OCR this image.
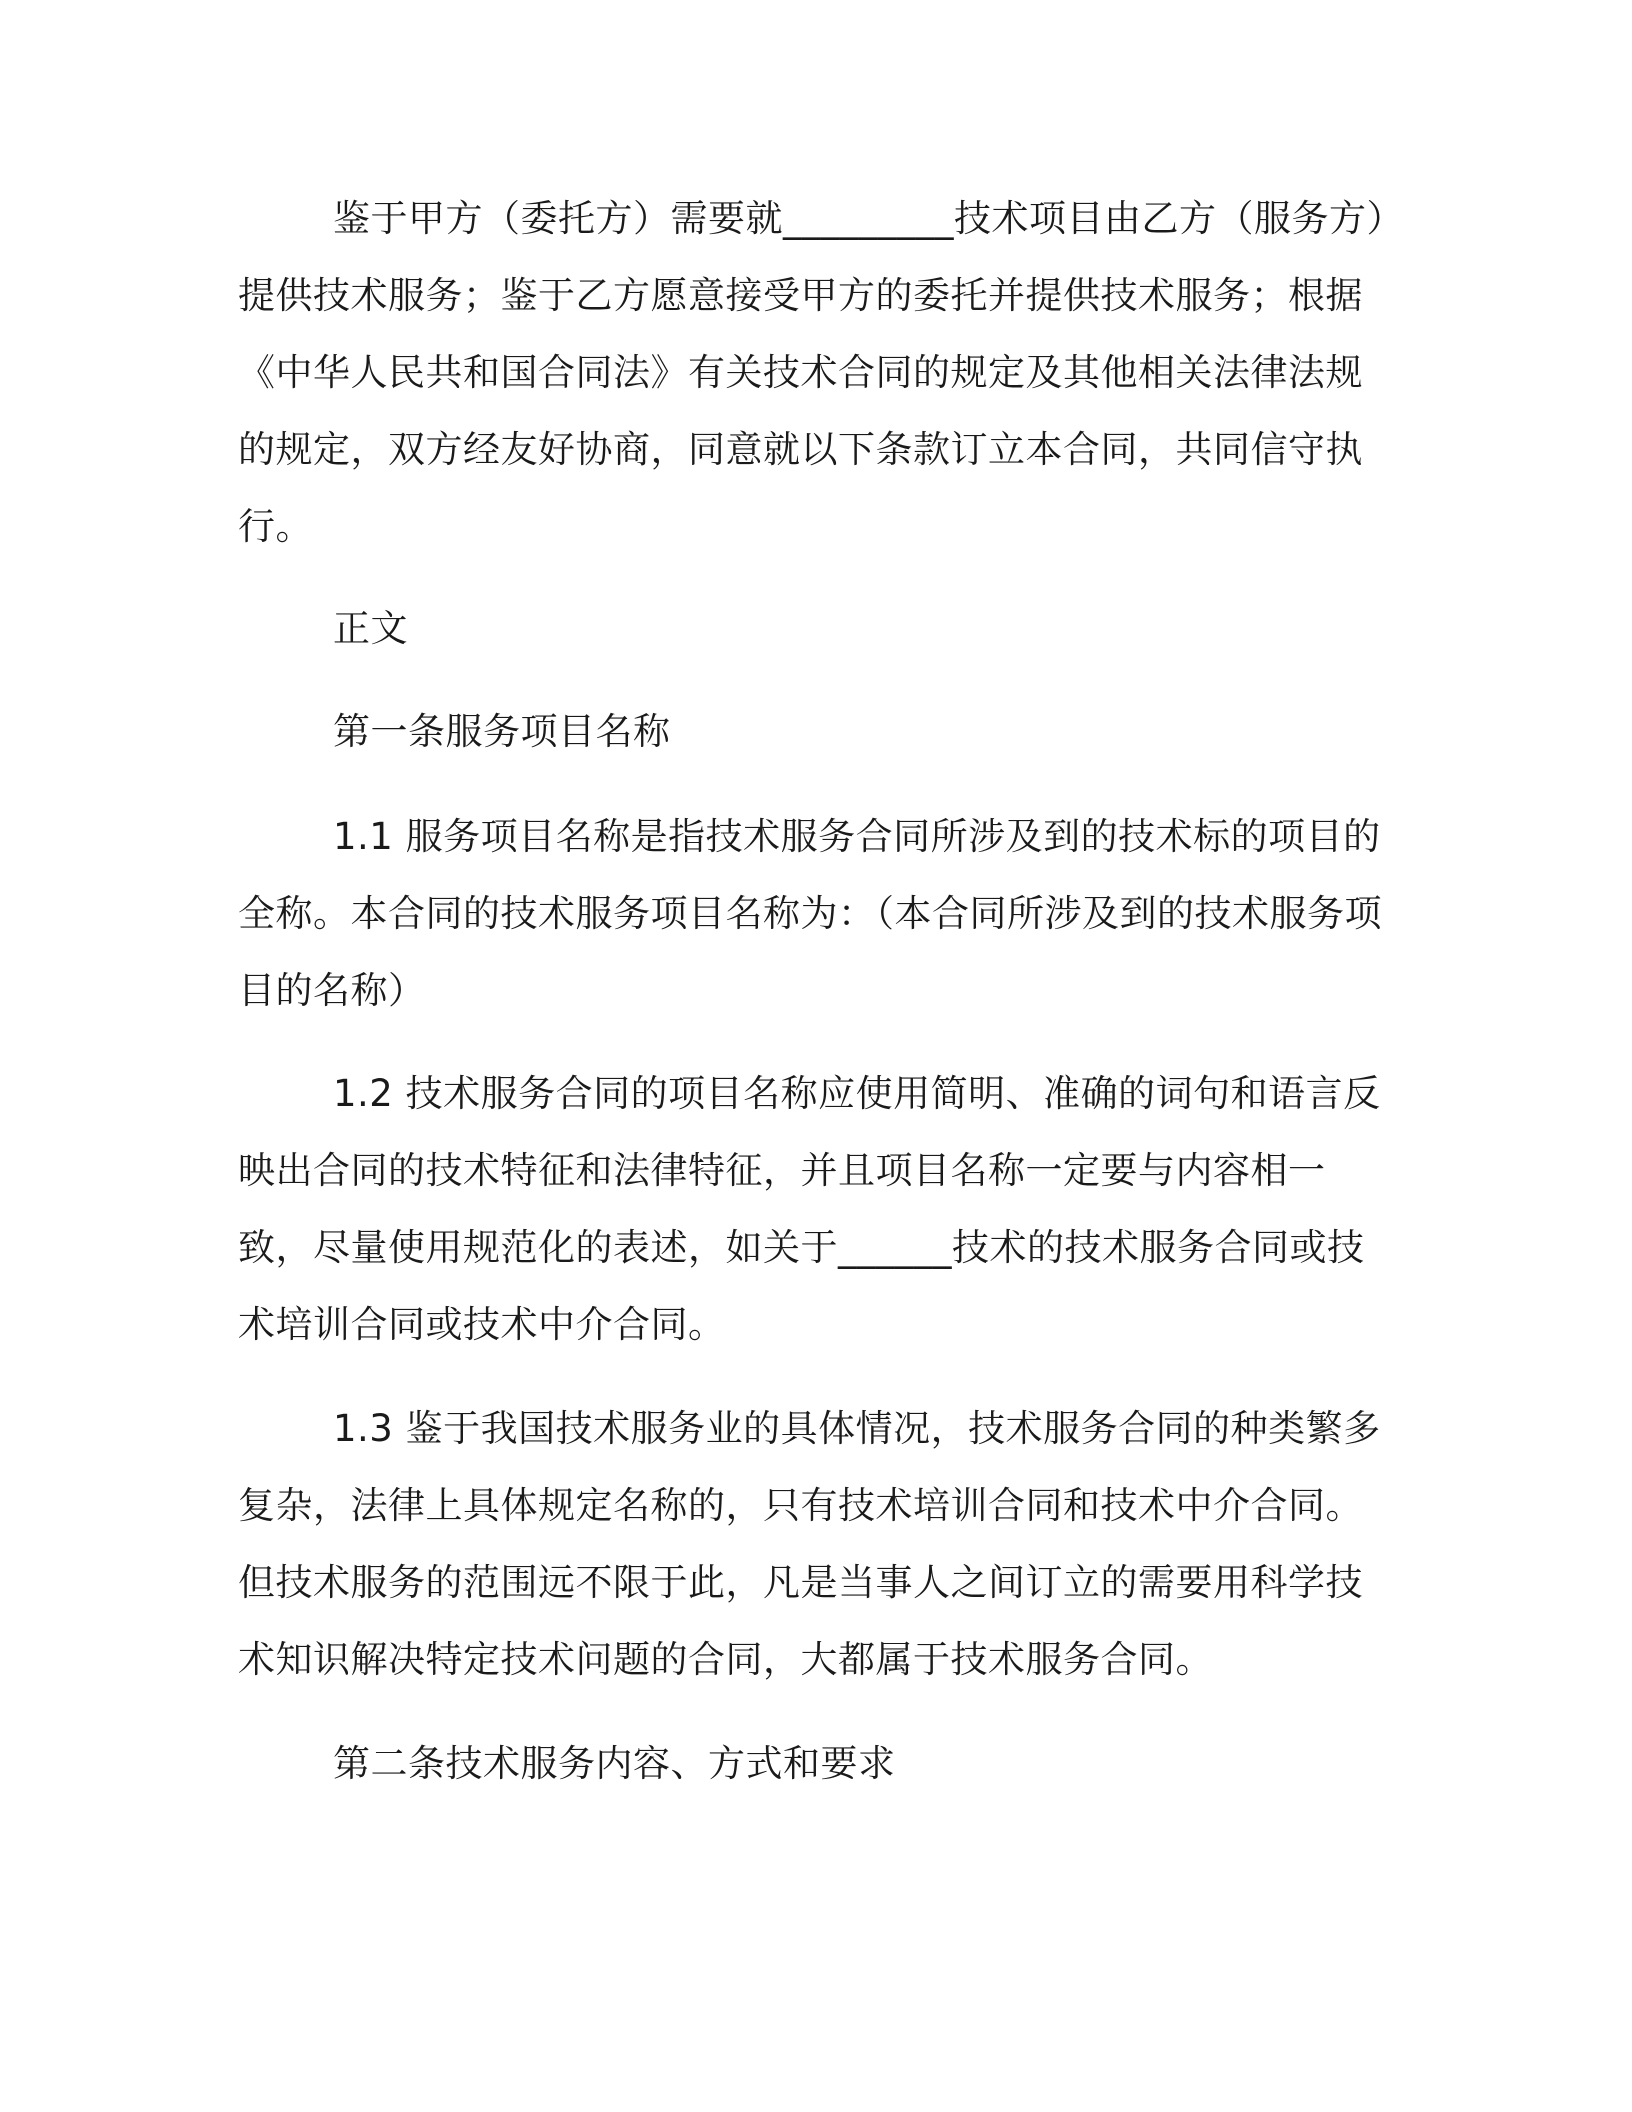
鉴于甲方（委托方）需要就_________技术项目由乙方（服务方）提供技术服务；鉴于乙方愿意接受甲方的委托并提供技术服务；根据《中华人民共和国合同法》有关技术合同的规定及其他相关法律法规的规定，双方经友好协商，同意就以下条款订立本合同，共同信守执行。

正文

第一条服务项目名称

1.1 服务项目名称是指技术服务合同所涉及到的技术标的项目的全称。本合同的技术服务项目名称为：（本合同所涉及到的技术服务项目的名称）

1.2 技术服务合同的项目名称应使用简明、准确的词句和语言反映出合同的技术特征和法律特征，并且项目名称一定要与内容相一致，尽量使用规范化的表述，如关于______技术的技术服务合同或技术培训合同或技术中介合同。

1.3 鉴于我国技术服务业的具体情况，技术服务合同的种类繁多复杂，法律上具体规定名称的，只有技术培训合同和技术中介合同。但技术服务的范围远不限于此，凡是当事人之间订立的需要用科学技术知识解决特定技术问题的合同，大都属于技术服务合同。

第二条技术服务内容、方式和要求
